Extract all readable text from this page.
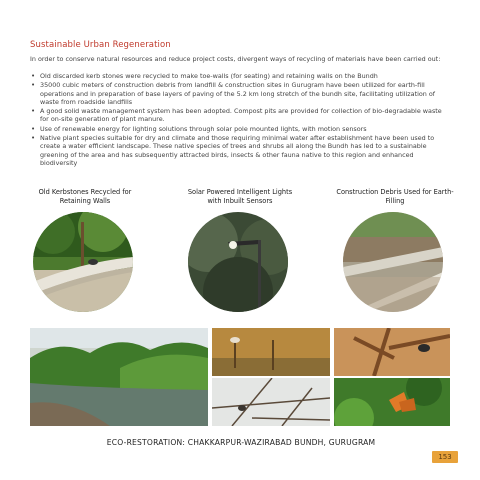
Sustainable Urban Regeneration
In order to conserve natural resources and reduce project costs, divergent ways of recycling of materials have been carried out:
• Old discarded kerb stones were recycled to make toe-walls (for seating) and retaining walls on the Bundh
• 35000 cubic meters of construction debris from landfill & construction sites in Gurugram have been utilized for earth-fill operations and in preparation of base layers of paving of the 5.2 km long stretch of the bundh site, facilitating utilization of waste from roadside landfills
• A good solid waste management system has been adopted. Compost pits are provided for collection of bio-degradable waste for on-site generation of plant manure.
• Use of renewable energy for lighting solutions through solar pole mounted lights, with motion sensors
• Native plant species suitable for dry and climate and those requiring minimal water after establishment have been used to create a water efficient landscape. These native species of trees and shrubs all along the Bundh has led to a sustainable greening of the area and has subsequently attracted birds, insects & other fauna native to this region and enhanced biodiversity
Old Kerbstones Recycled for Retaining Walls
Solar Powered Intelligent Lights with Inbuilt Sensors
Construction Debris Used for Earth-Filling
ECO-RESTORATION: CHAKKARPUR-WAZIRABAD BUNDH, GURUGRAM
153
